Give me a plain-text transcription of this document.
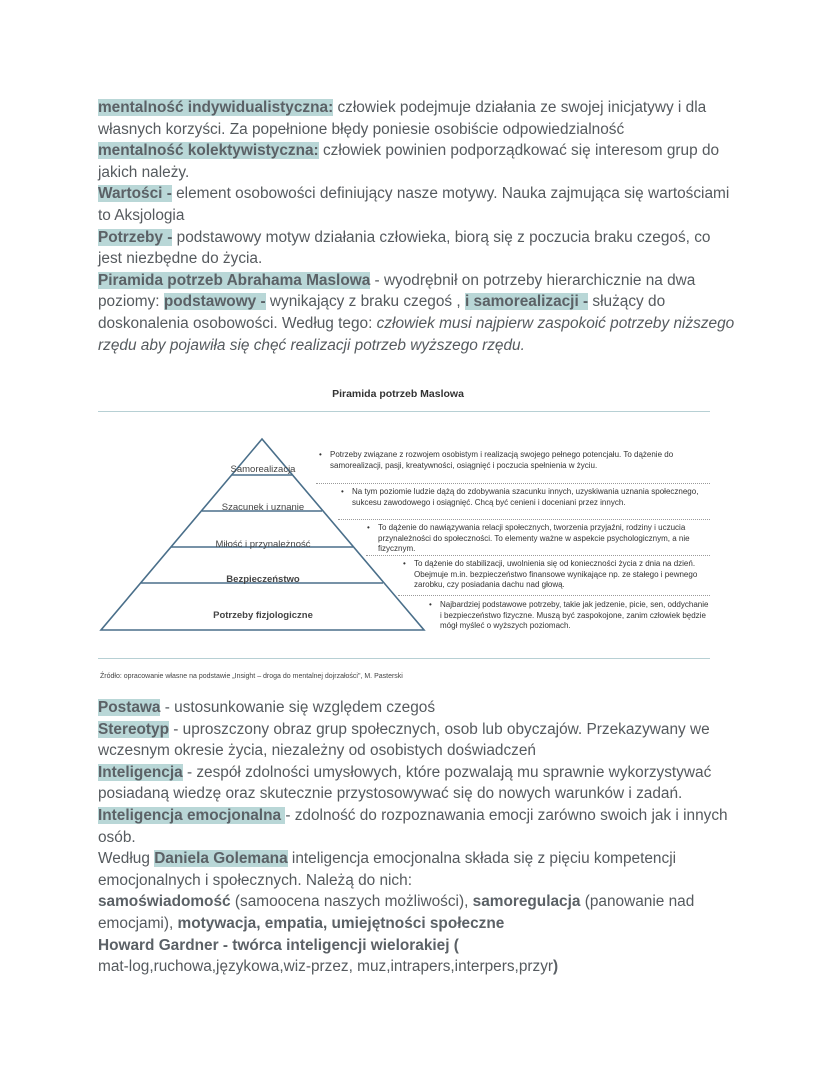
mentalność indywidualistyczna: człowiek podejmuje działania ze swojej inicjatywy i dla własnych korzyści. Za popełnione błędy poniesie osobiście odpowiedzialność

mentalność kolektywistyczna: człowiek powinien podporządkować się interesom grup do jakich należy.

Wartości - element osobowości definiujący nasze motywy. Nauka zajmująca się wartościami to Aksjologia

Potrzeby - podstawowy motyw działania człowieka, biorą się z poczucia braku czegoś, co jest niezbędne do życia.

Piramida potrzeb Abrahama Maslowa - wyodrębnił on potrzeby hierarchicznie na dwa poziomy: podstawowy - wynikający z braku czegoś , i samorealizacji - służący do doskonalenia osobowości. Według tego: człowiek musi najpierw zaspokoić potrzeby niższego rzędu aby pojawiła się chęć realizacji potrzeb wyższego rzędu.

Piramida potrzeb Maslowa
Samorealizacja
Szacunek i uznanie
Miłość i przynależność
Bezpieczeństwo
Potrzeby fizjologiczne
• Potrzeby związane z rozwojem osobistym i realizacją swojego pełnego potencjału. To dążenie do samorealizacji, pasji, kreatywności, osiągnięć i poczucia spełnienia w życiu.
• Na tym poziomie ludzie dążą do zdobywania szacunku innych, uzyskiwania uznania społecznego, sukcesu zawodowego i osiągnięć. Chcą być cenieni i doceniani przez innych.
• To dążenie do nawiązywania relacji społecznych, tworzenia przyjaźni, rodziny i uczucia przynależności do społeczności. To elementy ważne w aspekcie psychologicznym, a nie fizycznym.
• To dążenie do stabilizacji, uwolnienia się od konieczności życia z dnia na dzień. Obejmuje m.in. bezpieczeństwo finansowe wynikające np. ze stałego i pewnego zarobku, czy posiadania dachu nad głową.
• Najbardziej podstawowe potrzeby, takie jak jedzenie, picie, sen, oddychanie i bezpieczeństwo fizyczne. Muszą być zaspokojone, zanim człowiek będzie mógł myśleć o wyższych poziomach.
Źródło: opracowanie własne na podstawie „Insight – droga do mentalnej dojrzałości", M. Pasterski

Postawa - ustosunkowanie się względem czegoś

Stereotyp - uproszczony obraz grup społecznych, osob lub obyczajów. Przekazywany we wczesnym okresie życia, niezależny od osobistych doświadczeń

Inteligencja - zespół zdolności umysłowych, które pozwalają mu sprawnie wykorzystywać posiadaną wiedzę oraz skutecznie przystosowywać się do nowych warunków i zadań.

Inteligencja emocjonalna - zdolność do rozpoznawania emocji zarówno swoich jak i innych osób.

Według Daniela Golemana inteligencja emocjonalna składa się z pięciu kompetencji emocjonalnych i społecznych. Należą do nich:

samoświadomość (samoocena naszych możliwości), samoregulacja (panowanie nad emocjami), motywacja, empatia, umiejętności społeczne

Howard Gardner - twórca inteligencji wielorakiej (

mat-log,ruchowa,językowa,wiz-przez, muz,intrapers,interpers,przyr)
